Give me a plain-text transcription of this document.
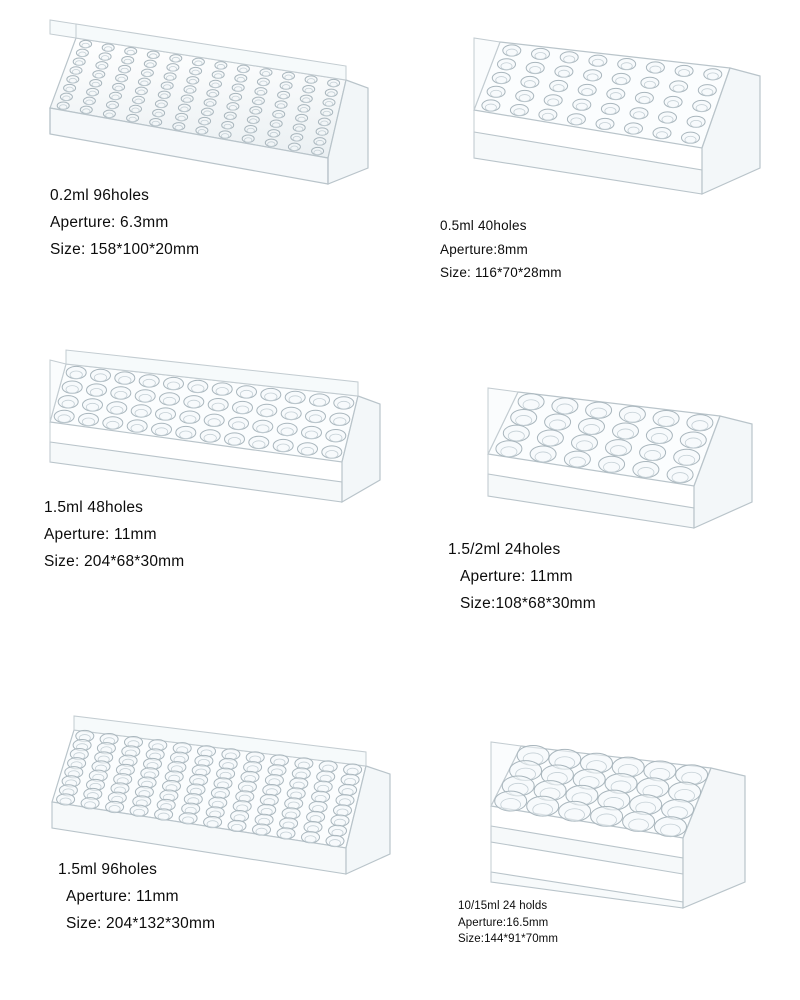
0.2ml 96holes
Aperture: 6.3mm
Size: 158*100*20mm
0.5ml 40holes
Aperture:8mm
Size: 116*70*28mm
1.5ml 48holes
Aperture: 11mm
Size: 204*68*30mm
1.5/2ml 24holes
Aperture: 11mm
Size:108*68*30mm
1.5ml 96holes
Aperture: 11mm
Size: 204*132*30mm
10/15ml 24 holds
Aperture:16.5mm
Size:144*91*70mm
